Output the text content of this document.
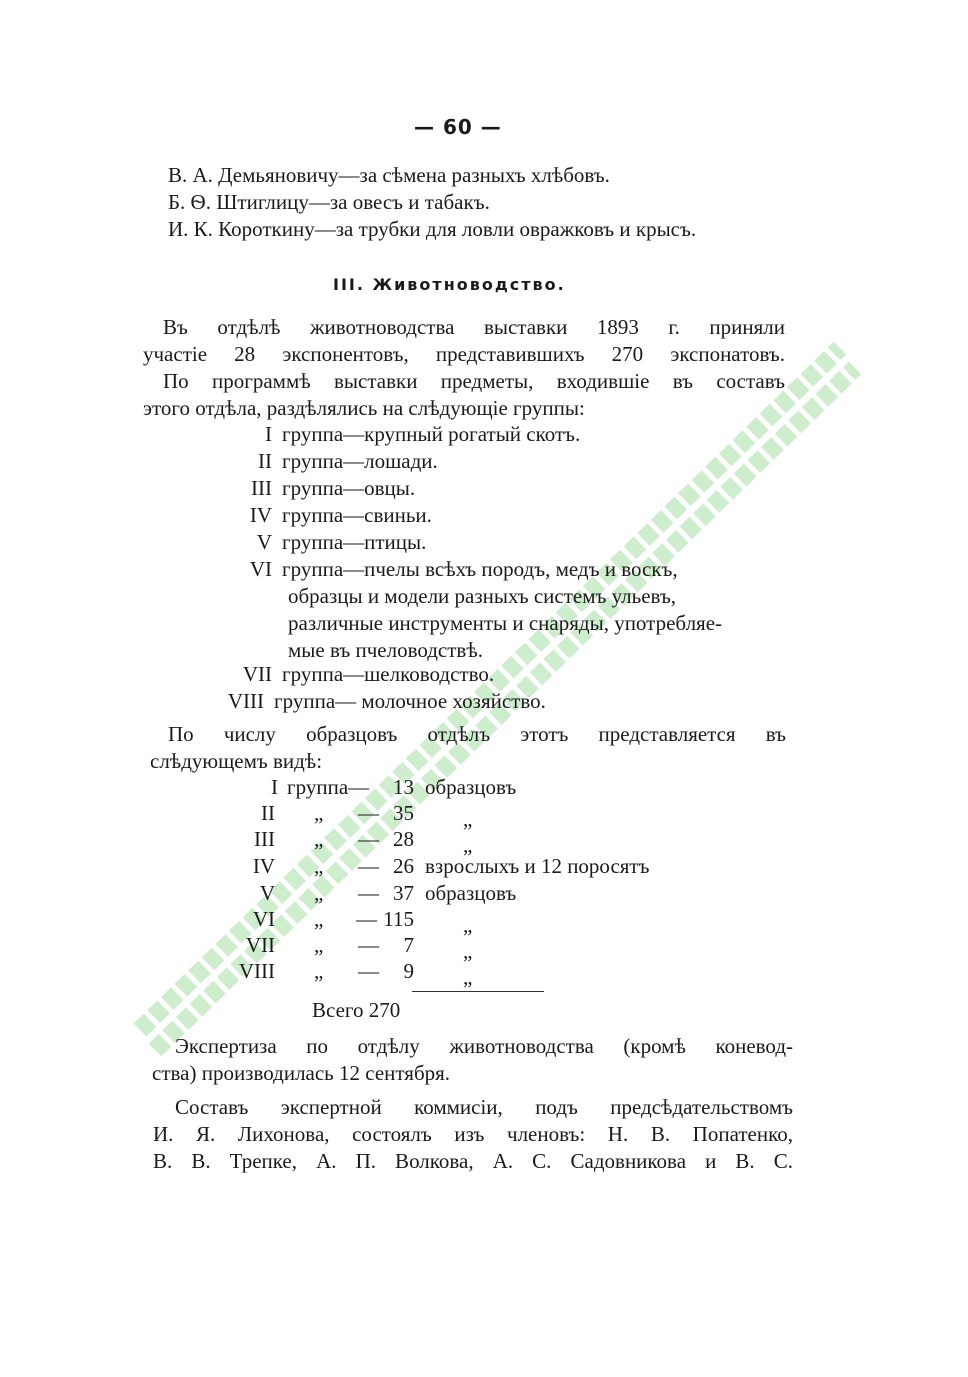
— 60 —
В. А. Демьяновичу—за сѣмена разныхъ хлѣбовъ.
Б. Ѳ. Штиглицу—за овесъ и табакъ.
И. К. Короткину—за трубки для ловли овражковъ и крысъ.
III. Животноводство.
Въ отдѣлѣ животноводства выставки 1893 г. приняли
участіе 28 экспонентовъ, представившихъ 270 экспонатовъ.
По программѣ выставки предметы, входившіе въ составъ
этого отдѣла, раздѣлялись на слѣдующіе группы:
I группа—крупный рогатый скотъ.
II группа—лошади.
III группа—овцы.
IV группа—свиньи.
V группа—птицы.
VI группа—пчелы всѣхъ породъ, медъ и воскъ,
образцы и модели разныхъ системъ ульевъ,
различные инструменты и снаряды, употребляе-
мые въ пчеловодствѣ.
VII группа—шелководство.
VIII группа— молочное хозяйство.
По числу образцовъ отдѣлъ этотъ представляется въ
слѣдующемъ видѣ:
I группа—	13 образцовъ
II „ — 35 „
III „ — 28 „
IV „ — 26 взрослыхъ и 12 поросятъ
V „ — 37 образцовъ
VI „ — 115 „
VII „ —	7 „
VIII „ —	9 „
Всего 270
Экспертиза по отдѣлу животноводства (кромѣ коневод-
ства) производилась 12 сентября.
Составъ экспертной коммисіи, подъ предсѣдательствомъ
И. Я. Лихонова, состоялъ изъ членовъ: Н. В. Попатенко,
В. В. Трепке, А. П. Волкова, А. С. Садовникова и В. С.
